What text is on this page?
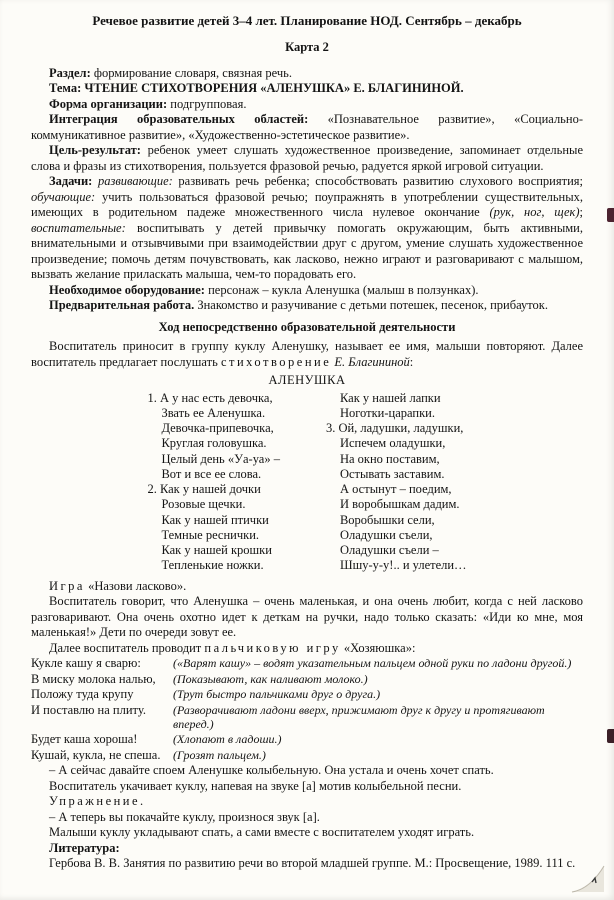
Речевое развитие детей 3–4 лет. Планирование НОД. Сентябрь – декабрь
Карта 2

Раздел: формирование словаря, связная речь.

Тема: ЧТЕНИЕ СТИХОТВОРЕНИЯ «АЛЕНУШКА» Е. БЛАГИНИНОЙ.

Форма организации: подгрупповая.

Интеграция образовательных областей: «Познавательное развитие», «Социально-коммуникативное развитие», «Художественно-эстетическое развитие».

Цель-результат: ребенок умеет слушать художественное произведение, запоминает отдельные слова и фразы из стихотворения, пользуется фразовой речью, радуется яркой игровой ситуации.

Задачи: развивающие: развивать речь ребенка; способствовать развитию слухового восприятия; обучающие: учить пользоваться фразовой речью; поупражнять в употреблении существительных, имеющих в родительном падеже множественного числа нулевое окончание (рук, ног, щек); воспитательные: воспитывать у детей привычку помогать окружающим, быть активными, внимательными и отзывчивыми при взаимодействии друг с другом, умение слушать художественное произведение; помочь детям почувствовать, как ласково, нежно играют и разговаривают с малышом, вызвать желание приласкать малыша, чем-то порадовать его.

Необходимое оборудование: персонаж – кукла Аленушка (малыш в ползунках).

Предварительная работа. Знакомство и разучивание с детьми потешек, песенок, прибауток.

Ход непосредственно образовательной деятельности

Воспитатель приносит в группу куклу Аленушку, называет ее имя, малыши повторяют. Далее воспитатель предлагает послушать стихотворение Е. Благининой:

АЛЕНУШКА
1. А у нас есть девочка,
Звать ее Аленушка.
Девочка-припевочка,
Круглая головушка.
Целый день «Уа-уа» –
Вот и все ее слова.
2. Как у нашей дочки
Розовые щечки.
Как у нашей птички
Темные реснички.
Как у нашей крошки
Тепленькие ножки.
Как у нашей лапки
Ноготки-царапки.
3. Ой, ладушки, ладушки,
Испечем оладушки,
На окно поставим,
Остывать заставим.
А остынут – поедим,
И воробышкам дадим.
Воробышки сели,
Оладушки съели,
Оладушки съели –
Шшу-у-у!.. и улетели…

Игра «Назови ласково».

Воспитатель говорит, что Аленушка – очень маленькая, и она очень любит, когда с ней ласково разговаривают. Она очень охотно идет к деткам на ручки, надо только сказать: «Иди ко мне, моя маленькая!» Дети по очереди зовут ее.

Далее воспитатель проводит пальчиковую игру «Хозяюшка»:

Кукле кашу я сварю:	(«Варят кашу» – водят указательным пальцем одной руки по ладони другой.)
В миску молока налью,	(Показывают, как наливают молоко.)
Положу туда крупу	(Трут быстро пальчиками друг о друга.)
И поставлю на плиту.	(Разворачивают ладони вверх, прижимают друг к другу и протягивают вперед.)
Будет каша хороша!	(Хлопают в ладоши.)
Кушай, кукла, не спеша.	(Грозят пальцем.)

– А сейчас давайте споем Аленушке колыбельную. Она устала и очень хочет спать.

Воспитатель укачивает куклу, напевая на звуке [а] мотив колыбельной песни.

Упражнение.

– А теперь вы покачайте куклу, произнося звук [а].

Малыши куклу укладывают спать, а сами вместе с воспитателем уходят играть.

Литература:

Гербова В. В. Занятия по развитию речи во второй младшей группе. М.: Просвещение, 1989. 111 с.
